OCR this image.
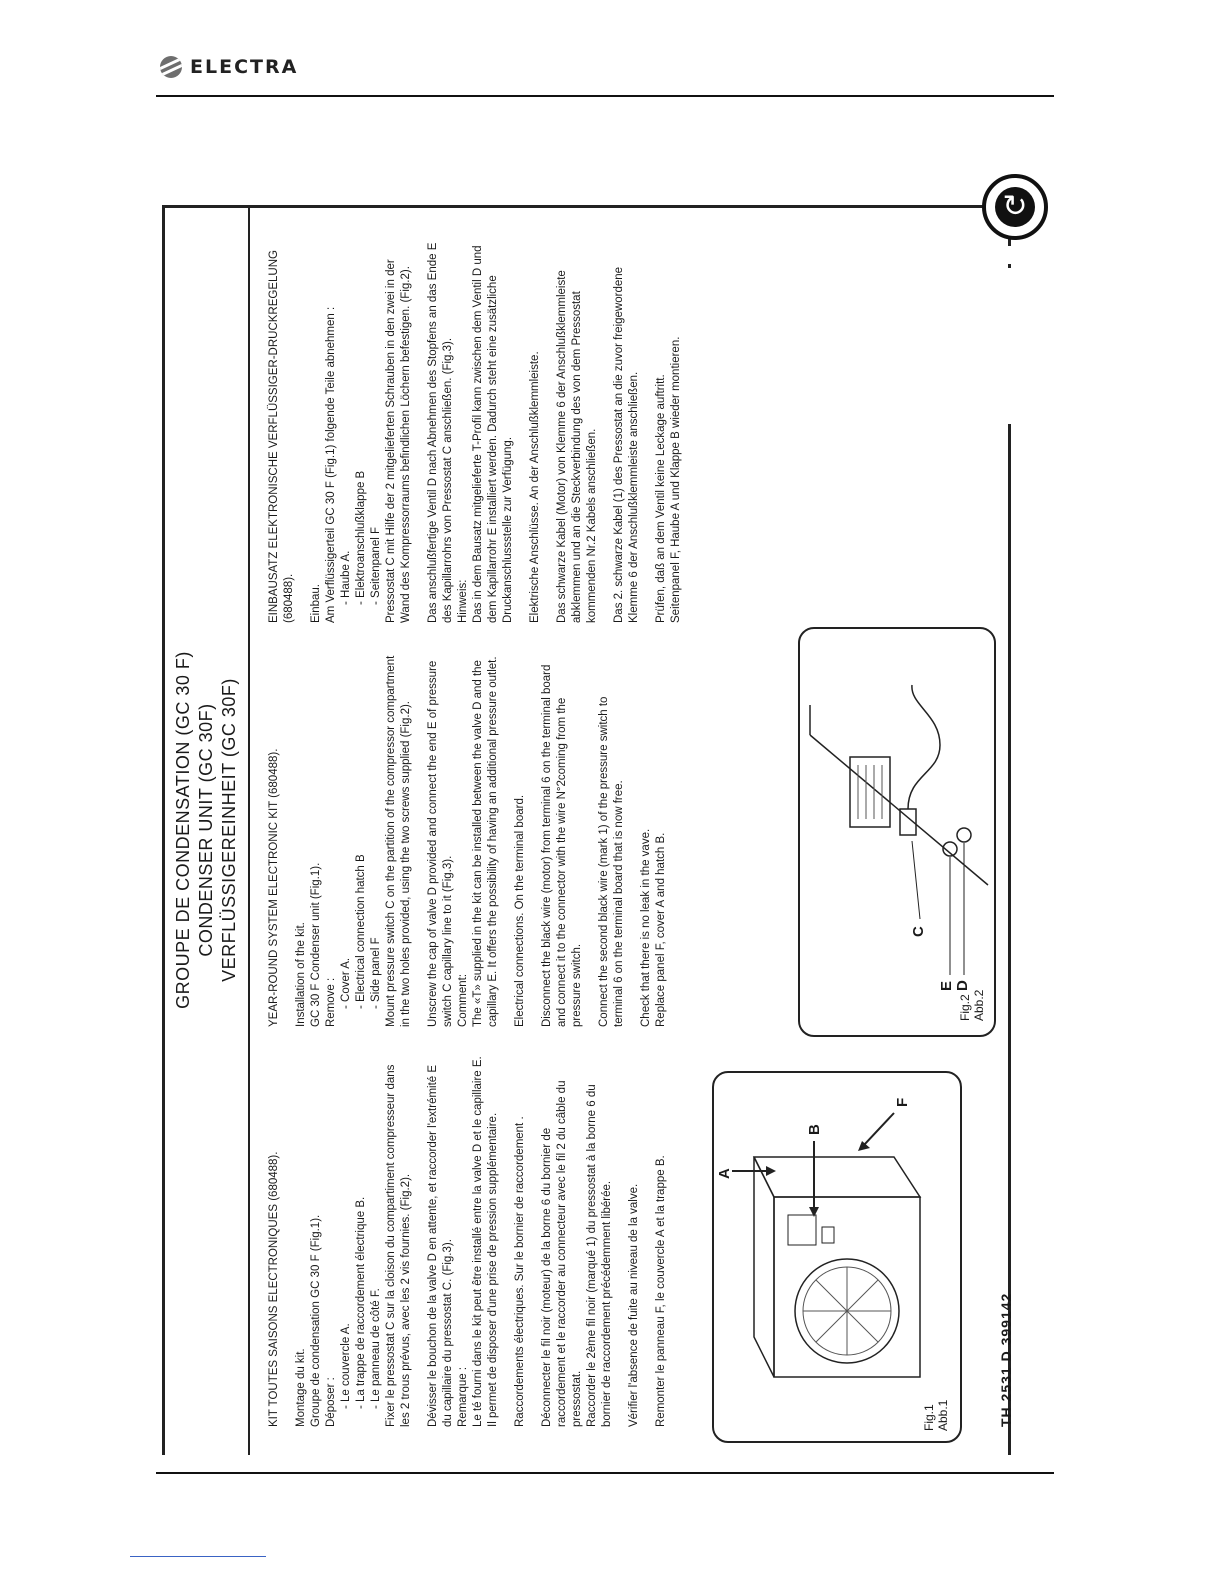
ELECTRA
↻
TH 2531 D 399142
GROUPE DE CONDENSATION (GC 30 F) CONDENSER UNIT (GC 30F) VERFLÜSSIGEREINHEIT (GC 30F)

KIT TOUTES SAISONS ELECTRONIQUES (680488). Montage du kit. Groupe de condensation GC 30 F (Fig.1). Déposer : - Le couvercle A. - La trappe de raccordement électrique B. - Le panneau de côté F. Fixer le pressostat C sur la cloison du compartiment compresseur dans les 2 trous prévus, avec les 2 vis fournies. (Fig.2). Dévisser le bouchon de la valve D en attente, et raccorder l'extrémité E du capillaire du pressostat C. (Fig.3). Remarque : Le té fourni dans le kit peut être installé entre la valve D et le capillaire E. Il permet de disposer d'une prise de pression supplémentaire. Raccordements électriques. Sur le bornier de raccordement . Déconnecter le fil noir (moteur) de la borne 6 du bornier de raccordement et le raccorder au connecteur avec le fil 2 du câble du pressostat. Raccorder le 2ème fil noir (marqué 1) du pressostat à la borne 6 du bornier de raccordement précédemment libérée. Vérifier l'absence de fuite au niveau de la valve. Remonter le panneau F, le couvercle A et la trappe B.

YEAR-ROUND SYSTEM ELECTRONIC KIT (680488). Installation of the kit. GC 30 F Condenser unit (Fig.1). Remove : - Cover A. - Electrical connection hatch B - Side panel F Mount pressure switch C on the partition of the compressor compartment in the two holes provided, using the two screws supplied (Fig.2). Unscrew the cap of valve D provided and connect the end E of pressure switch C capillary line to it (Fig.3). Comment: The «T» supplied in the kit can be installed between the valve D and the capillary E. It offers the possibility of having an additional pressure outlet. Electrical connections. On the terminal board. Disconnect the black wire (motor) from terminal 6 on the terminal board and connect it to the connector with the wire N°2coming from the pressure switch. Connect the second black wire (mark 1) of the pressure switch to terminal 6 on the terminal board that is now free. Check that there is no leak in the vave. Replace panel F, cover A and hatch B.

EINBAUSATZ ELEKTRONISCHE VERFLÜSSIGER-DRUCKREGELUNG (680488). Einbau. Am Verflüssigerteil GC 30 F (Fig.1) folgende Teile abnehmen : - Haube A. - Elektroanschlußklappe B - Seitenpanel F Pressostat C mit Hilfe der 2 mitgelieferten Schrauben in den zwei in der Wand des Kompressorraums befindlichen Löchern befestigen. (Fig.2). Das anschlußfertige Ventil D nach Abnehmen des Stopfens an das Ende E des Kapillarrohrs von Pressostat C anschließen. (Fig.3). Hinweis: Das in dem Bausatz mitgelieferte T-Profil kann zwischen dem Ventil D und dem Kapillarrohr E installiert werden. Dadurch steht eine zusätzliche Druckanschlussstelle zur Verfügung. Elektrische Anschlüsse. An der Anschlußklemmleiste. Das schwarze Kabel (Motor) von Klemme 6 der Anschlußklemmleiste abklemmen und an die Steckverbindung des von dem Pressostat kommenden Nr.2 Kabels anschließen. Das 2. schwarze Kabel (1) des Pressostat an die zuvor freigewordene Klemme 6 der Anschlußklemmleiste anschließen. Prüfen, daß an dem Ventil keine Leckage auftritt. Seitenpanel F, Haube A und Klappe B wieder montieren.

Fig.1 Abb.1
A
B
F
Fig.2 Abb.2
E D
C
